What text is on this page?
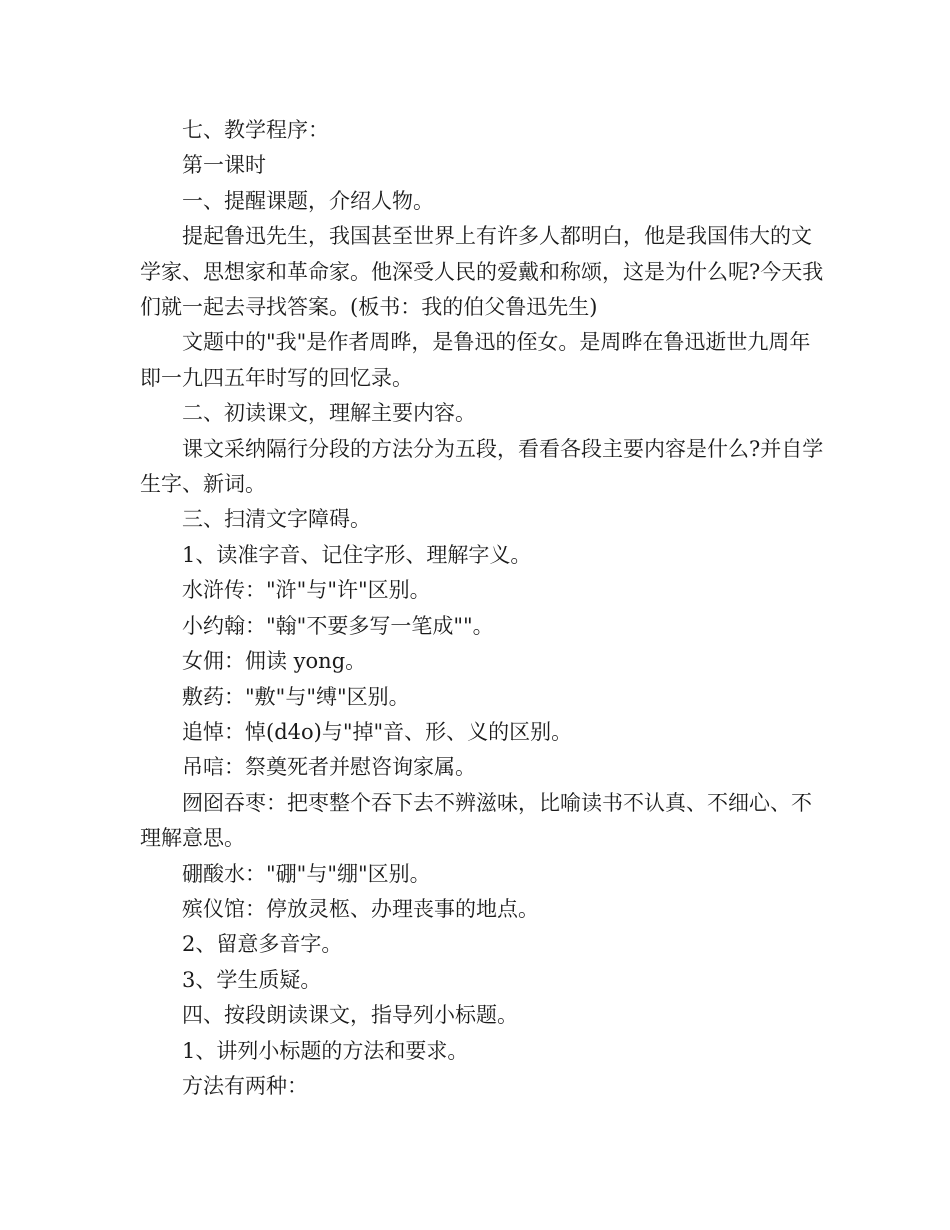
七、教学程序：

第一课时

一、提醒课题，介绍人物。

提起鲁迅先生，我国甚至世界上有许多人都明白，他是我国伟大的文学家、思想家和革命家。他深受人民的爱戴和称颂，这是为什么呢?今天我们就一起去寻找答案。(板书：我的伯父鲁迅先生)

文题中的"我"是作者周晔，是鲁迅的侄女。是周晔在鲁迅逝世九周年即一九四五年时写的回忆录。

二、初读课文，理解主要内容。

课文采纳隔行分段的方法分为五段，看看各段主要内容是什么?并自学生字、新词。

三、扫清文字障碍。

1、读准字音、记住字形、理解字义。

水浒传："浒"与"许"区别。

小约翰："翰"不要多写一笔成""。

女佣：佣读 yong。

敷药："敷"与"缚"区别。

追悼：悼(d4o)与"掉"音、形、义的区别。

吊唁：祭奠死者并慰咨询家属。

囫囵吞枣：把枣整个吞下去不辨滋味，比喻读书不认真、不细心、不理解意思。

硼酸水："硼"与"绷"区别。

殡仪馆：停放灵柩、办理丧事的地点。

2、留意多音字。

3、学生质疑。

四、按段朗读课文，指导列小标题。

1、讲列小标题的方法和要求。

方法有两种：
